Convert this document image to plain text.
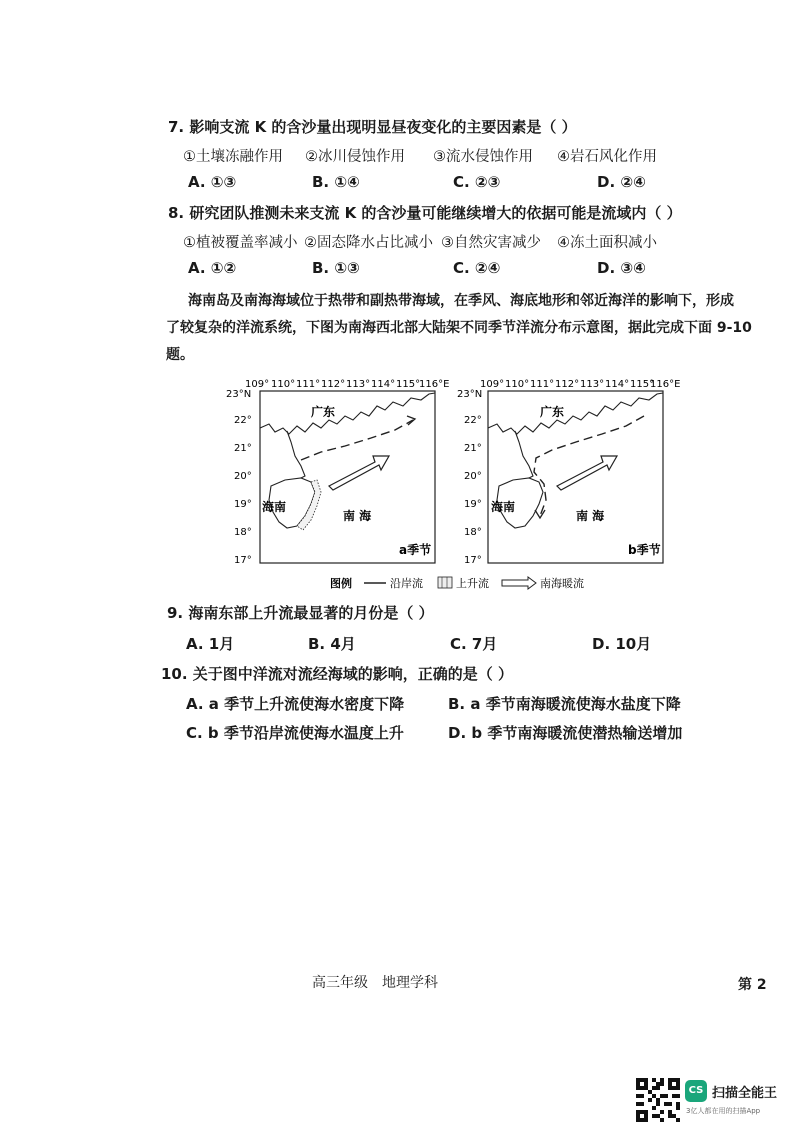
7. 影响支流 K 的含沙量出现明显昼夜变化的主要因素是（ ）
①土壤冻融作用 ②冰川侵蚀作用 ③流水侵蚀作用 ④岩石风化作用
A. ①③	B. ①④	C. ②③	D. ②④
8. 研究团队推测未来支流 K 的含沙量可能继续增大的依据可能是流域内（ ）
①植被覆盖率减小 ②固态降水占比减小 ③自然灾害减少 ④冻土面积减小
A. ①②	B. ①③	C. ②④	D. ③④
海南岛及南海海域位于热带和副热带海域，在季风、海底地形和邻近海洋的影响下，形成
了较复杂的洋流系统，下图为南海西北部大陆架不同季节洋流分布示意图，据此完成下面 9-10
题。
109° 110° 111° 112° 113° 114° 115°
116°E
23°N
22°
21°
20°
19°
18°
17°
广东
海南
南 海
a季节
109° 110° 111° 112° 113° 114° 115°
116°E
23°N
22°
21°
20°
19°
18°
17°
广东
海南
南 海
b季节
图例	沿岸流	上升流	南海暖流
9. 海南东部上升流最显著的月份是（ ）
A. 1月	B. 4月	C. 7月	D. 10月
10. 关于图中洋流对流经海域的影响，正确的是（ ）
A. a 季节上升流使海水密度下降	B. a 季节南海暖流使海水盐度下降
C. b 季节沿岸流使海水温度上升	D. b 季节南海暖流使潜热输送增加
高三年级　地理学科	第 2
CS 扫描全能王
3亿人都在用的扫描App
